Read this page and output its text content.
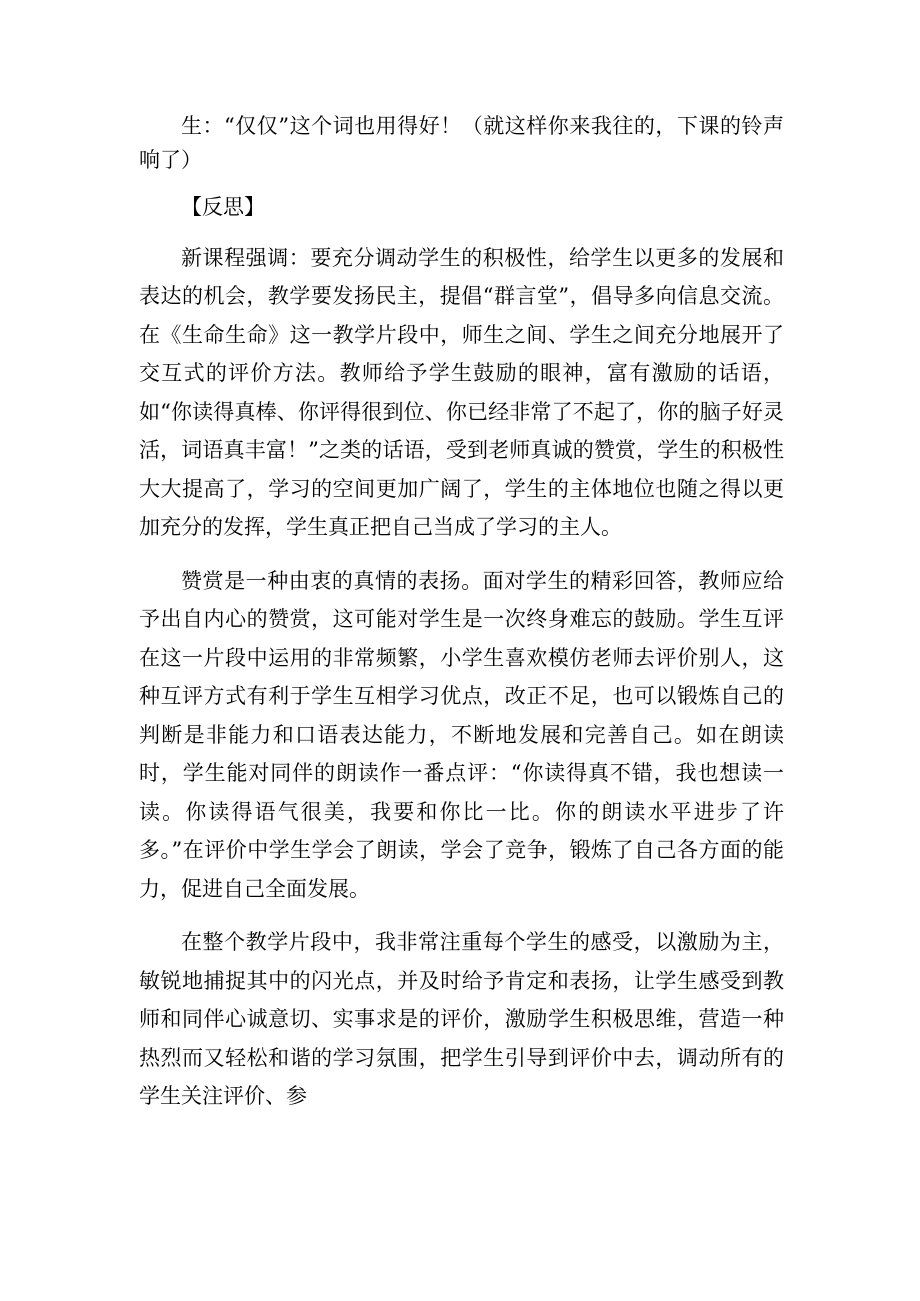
生：“仅仅”这个词也用得好！（就这样你来我往的，下课的铃声响了）

【反思】

新课程强调：要充分调动学生的积极性，给学生以更多的发展和表达的机会，教学要发扬民主，提倡“群言堂”，倡导多向信息交流。在《生命生命》这一教学片段中，师生之间、学生之间充分地展开了交互式的评价方法。教师给予学生鼓励的眼神，富有激励的话语，如“你读得真棒、你评得很到位、你已经非常了不起了，你的脑子好灵活，词语真丰富！”之类的话语，受到老师真诚的赞赏，学生的积极性大大提高了，学习的空间更加广阔了，学生的主体地位也随之得以更加充分的发挥，学生真正把自己当成了学习的主人。

赞赏是一种由衷的真情的表扬。面对学生的精彩回答，教师应给予出自内心的赞赏，这可能对学生是一次终身难忘的鼓励。学生互评在这一片段中运用的非常频繁，小学生喜欢模仿老师去评价别人，这种互评方式有利于学生互相学习优点，改正不足，也可以锻炼自己的判断是非能力和口语表达能力，不断地发展和完善自己。如在朗读时，学生能对同伴的朗读作一番点评：“你读得真不错，我也想读一读。你读得语气很美，我要和你比一比。你的朗读水平进步了许多。”在评价中学生学会了朗读，学会了竞争，锻炼了自己各方面的能力，促进自己全面发展。

在整个教学片段中，我非常注重每个学生的感受，以激励为主，敏锐地捕捉其中的闪光点，并及时给予肯定和表扬，让学生感受到教师和同伴心诚意切、实事求是的评价，激励学生积极思维，营造一种热烈而又轻松和谐的学习氛围，把学生引导到评价中去，调动所有的学生关注评价、参
